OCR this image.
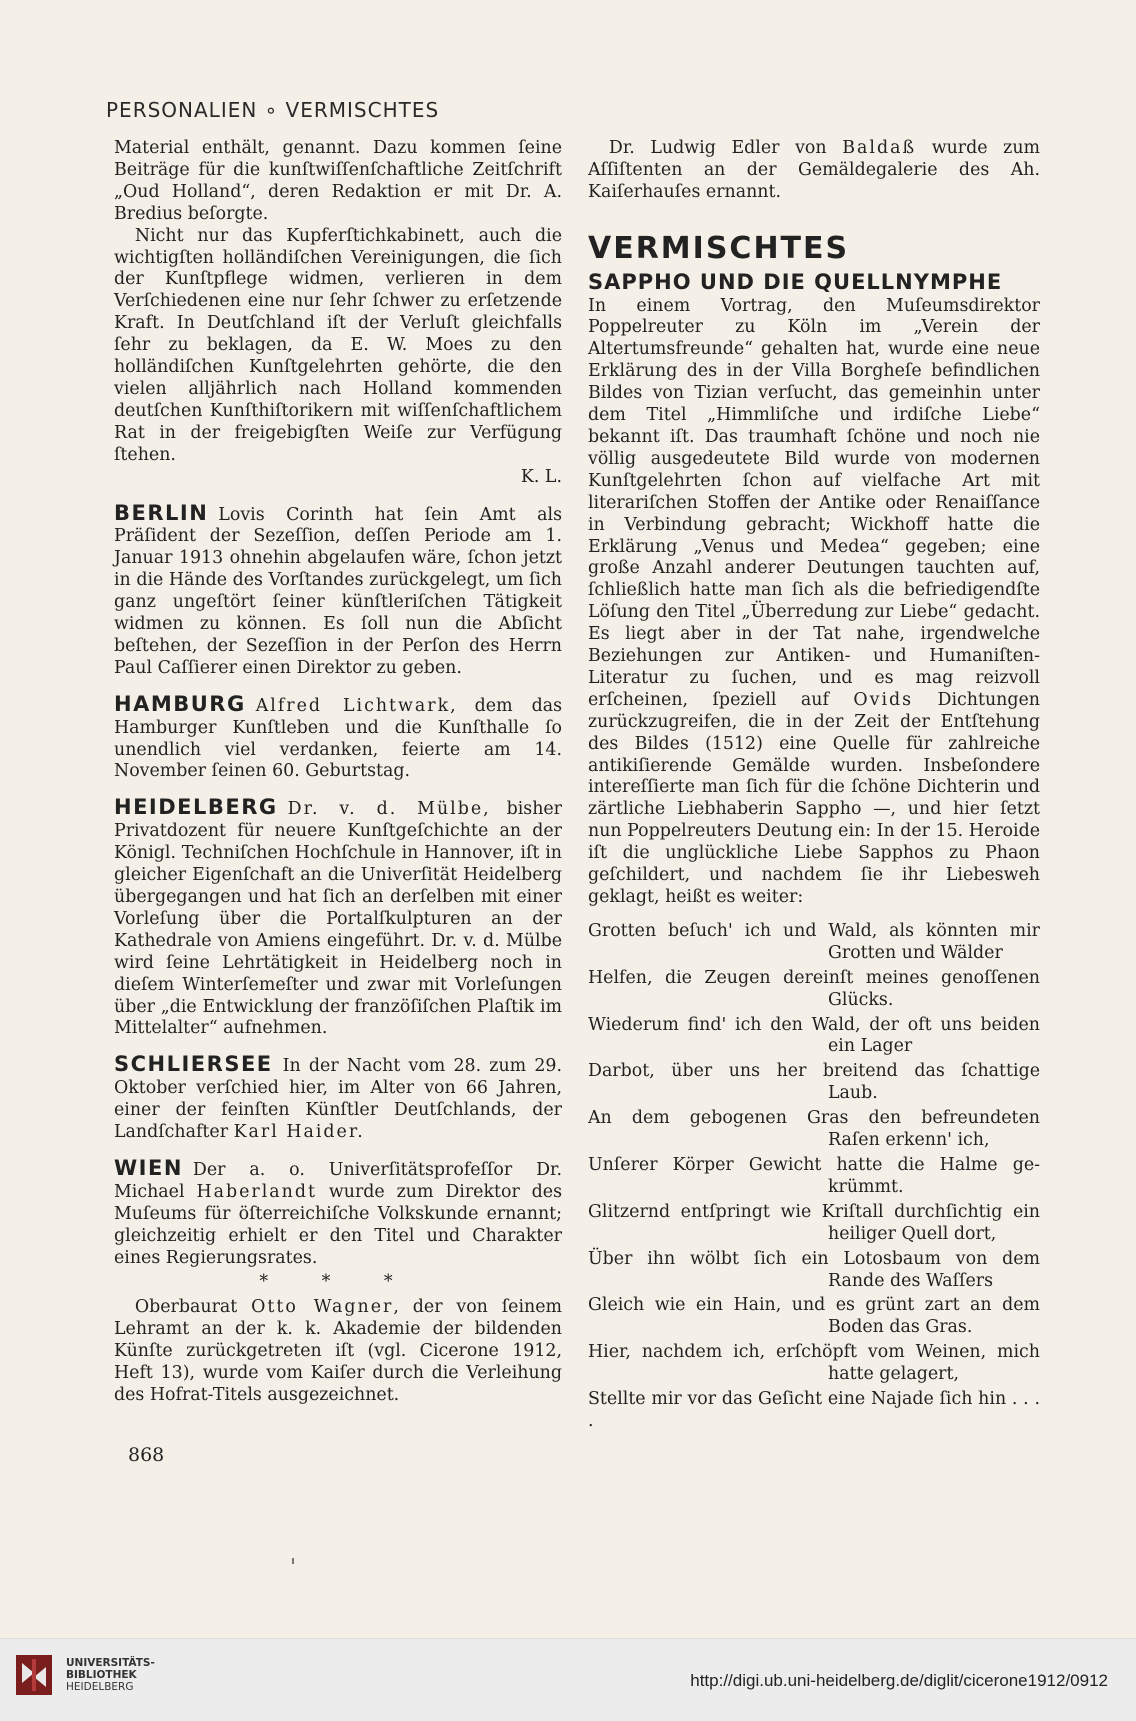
PERSONALIEN ∘ VERMISCHTES

Material enthält, genannt. Dazu kommen ſeine Beiträge für die kunſtwiſſenſchaftliche Zeitſchrift „Oud Holland“, deren Redaktion er mit Dr. A. Bredius beſorgte.

Nicht nur das Kupferſtichkabinett, auch die wichtigſten holländiſchen Vereinigungen, die ſich der Kunſtpflege widmen, verlieren in dem Verſchiedenen eine nur ſehr ſchwer zu erſetzende Kraft. In Deutſchland iſt der Verluſt gleichfalls ſehr zu beklagen, da E. W. Moes zu den holländiſchen Kunſtgelehrten gehörte, die den vielen alljährlich nach Holland kommenden deutſchen Kunſthiſtorikern mit wiſſenſchaftlichem Rat in der freigebigſten Weiſe zur Verfügung ſtehen.

K. L.

BERLIN Lovis Corinth hat ſein Amt als Präſident der Sezeſſion, deſſen Periode am 1. Januar 1913 ohnehin abgelaufen wäre, ſchon jetzt in die Hände des Vorſtandes zurückgelegt, um ſich ganz ungeſtört ſeiner künſtleriſchen Tätigkeit widmen zu können. Es ſoll nun die Abſicht beſtehen, der Sezeſſion in der Perſon des Herrn Paul Caſſierer einen Direktor zu geben.

HAMBURG Alfred Lichtwark, dem das Hamburger Kunſtleben und die Kunſthalle ſo unendlich viel verdanken, feierte am 14. November ſeinen 60. Geburtstag.

HEIDELBERG Dr. v. d. Mülbe, bisher Privatdozent für neuere Kunſtgeſchichte an der Königl. Techniſchen Hochſchule in Hannover, iſt in gleicher Eigenſchaft an die Univerſität Heidelberg übergegangen und hat ſich an derſelben mit einer Vorleſung über die Portalſkulpturen an der Kathedrale von Amiens eingeführt. Dr. v. d. Mülbe wird ſeine Lehrtätigkeit in Heidelberg noch in dieſem Winterſemeſter und zwar mit Vorleſungen über „die Entwicklung der franzöſiſchen Plaſtik im Mittelalter“ aufnehmen.

SCHLIERSEE In der Nacht vom 28. zum 29. Oktober verſchied hier, im Alter von 66 Jahren, einer der feinſten Künſtler Deutſchlands, der Landſchafter Karl Haider.

WIEN Der a. o. Univerſitätsprofeſſor Dr. Michael Haberlandt wurde zum Direktor des Muſeums für öſterreichiſche Volkskunde ernannt; gleichzeitig erhielt er den Titel und Charakter eines Regierungsrates.

* * *

Oberbaurat Otto Wagner, der von ſeinem Lehramt an der k. k. Akademie der bildenden Künſte zurückgetreten iſt (vgl. Cicerone 1912, Heft 13), wurde vom Kaiſer durch die Verleihung des Hofrat-Titels ausgezeichnet.

Dr. Ludwig Edler von Baldaß wurde zum Aſſiſtenten an der Gemäldegalerie des Ah. Kaiſerhauſes ernannt.

VERMISCHTES

SAPPHO UND DIE QUELLNYMPHE

In einem Vortrag, den Muſeumsdirektor Poppelreuter zu Köln im „Verein der Altertumsfreunde“ gehalten hat, wurde eine neue Erklärung des in der Villa Borgheſe befindlichen Bildes von Tizian verſucht, das gemeinhin unter dem Titel „Himmliſche und irdiſche Liebe“ bekannt iſt. Das traumhaft ſchöne und noch nie völlig ausgedeutete Bild wurde von modernen Kunſtgelehrten ſchon auf vielfache Art mit literariſchen Stoffen der Antike oder Renaiſſance in Verbindung gebracht; Wickhoff hatte die Erklärung „Venus und Medea“ gegeben; eine große Anzahl anderer Deutungen tauchten auf, ſchließlich hatte man ſich als die befriedigendſte Löſung den Titel „Überredung zur Liebe“ gedacht. Es liegt aber in der Tat nahe, irgendwelche Beziehungen zur Antiken- und Humaniſten-Literatur zu ſuchen, und es mag reizvoll erſcheinen, ſpeziell auf Ovids Dichtungen zurückzugreifen, die in der Zeit der Entſtehung des Bildes (1512) eine Quelle für zahlreiche antikiſierende Gemälde wurden. Insbeſondere intereſſierte man ſich für die ſchöne Dichterin und zärtliche Liebhaberin Sappho —, und hier ſetzt nun Poppelreuters Deutung ein: In der 15. Heroide iſt die unglückliche Liebe Sapphos zu Phaon geſchildert, und nachdem ſie ihr Liebesweh geklagt, heißt es weiter:

Grotten beſuch' ich und Wald, als könnten mir
Grotten und Wälder
Helfen, die Zeugen dereinſt meines genoſſenen
Glücks.
Wiederum find' ich den Wald, der oft uns beiden
ein Lager
Darbot, über uns her breitend das ſchattige
Laub.
An dem gebogenen Gras den befreundeten
Raſen erkenn' ich,
Unſerer Körper Gewicht hatte die Halme ge-
krümmt.
Glitzernd entſpringt wie Kriſtall durchſichtig ein
heiliger Quell dort,
Über ihn wölbt ſich ein Lotosbaum von dem
Rande des Waſſers
Gleich wie ein Hain, und es grünt zart an dem
Boden das Gras.
Hier, nachdem ich, erſchöpft vom Weinen, mich
hatte gelagert,
Stellte mir vor das Geſicht eine Najade ſich hin . . . .
868
UNIVERSITÄTS-
BIBLIOTHEK
HEIDELBERG	http://digi.ub.uni-heidelberg.de/diglit/cicerone1912/0912
